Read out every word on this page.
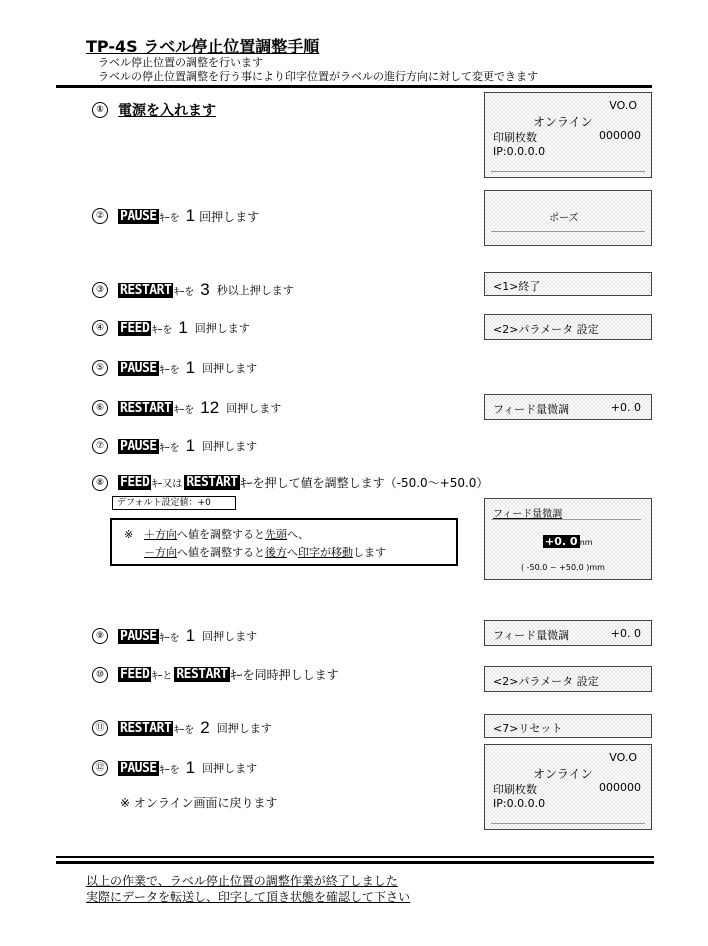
TP-4S ラベル停止位置調整手順
ラベル停止位置の調整を行います
ラベルの停止位置調整を行う事により印字位置がラベルの進行方向に対して変更できます
① 電源を入れます	VO.O
オンライン
印刷枚数	000000
IP:0.0.0.0
②	PAUSE ｷｰを 1 回押します	ポーズ
③	RESTART ｷｰを 3 秒以上押します	<1>終了
④	FEED ｷｰを 1 回押します	<2>パラメータ 設定
⑤	PAUSE ｷｰを 1 回押します
⑥	RESTART ｷｰを 12 回押します	フィード量微調	+0. 0
⑦	PAUSE ｷｰを 1 回押します
⑧	FEED ｷｰ又は RESTART ｷｰを押して値を調整します（-50.0〜+50.0）
デフォルト設定値：+0
※ ＋方向へ値を調整すると先頭へ、
－方向へ値を調整すると後方へ印字が移動します
フィード量微調
+0. 0 mm
( -50.0 ~ +50.0 )mm
⑨	PAUSE ｷｰを 1 回押します	フィード量微調	+0. 0
⑩	FEED ｷｰと RESTART ｷｰを同時押しします	<2>パラメータ 設定
⑪ RESTART ｷｰを 2 回押します	<7>リセット
⑫ PAUSE ｷｰを 1 回押します
※ オンライン画面に戻ります
VO.O
オンライン
印刷枚数	000000
IP:0.0.0.0
以上の作業で、ラベル停止位置の調整作業が終了しました
実際にデータを転送し、印字して頂き状態を確認して下さい
